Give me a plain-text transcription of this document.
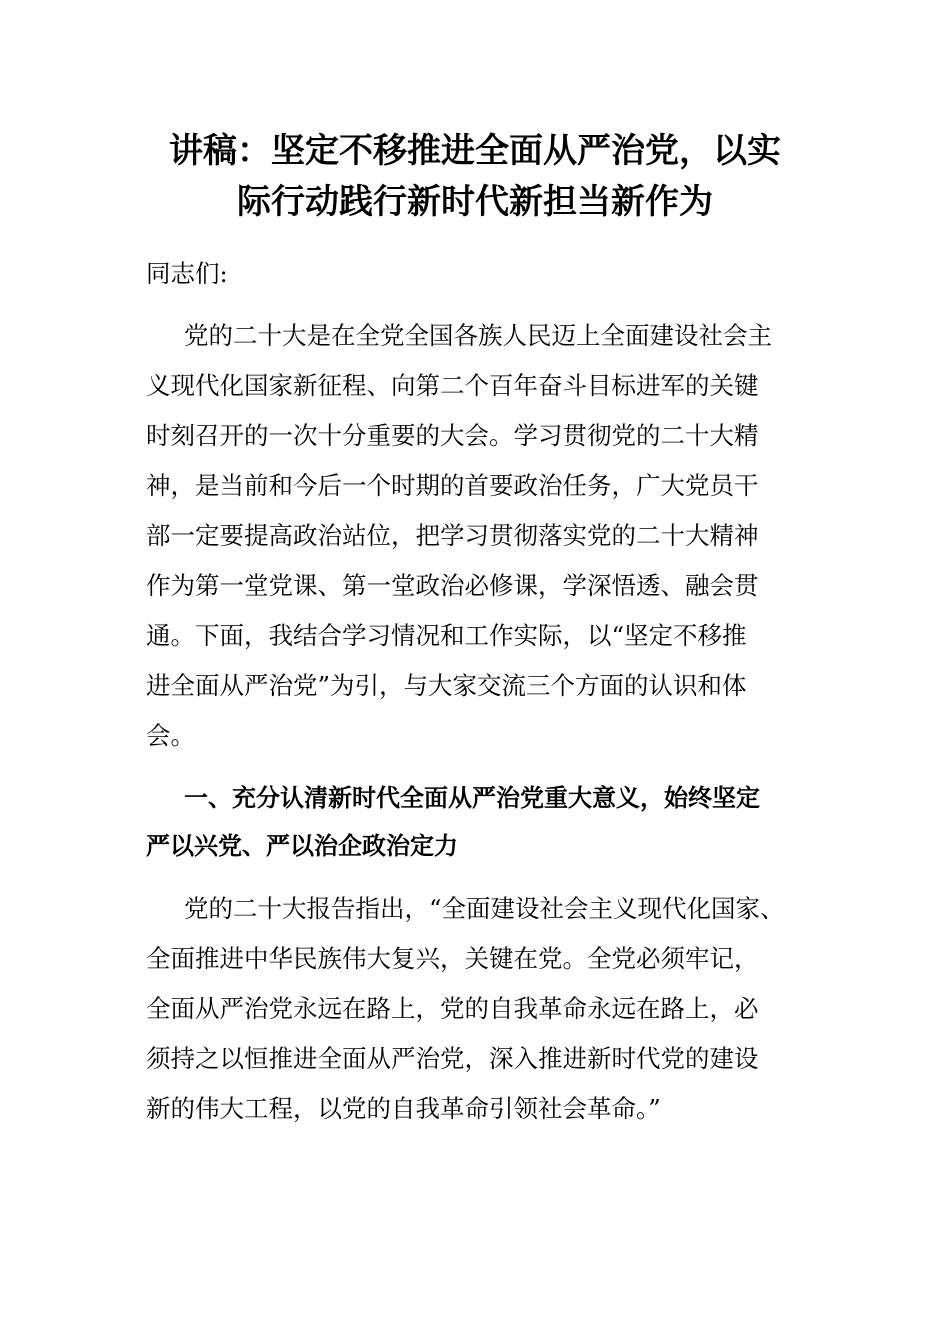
讲稿：坚定不移推进全面从严治党，以实
际行动践行新时代新担当新作为

同志们:

党的二十大是在全党全国各族人民迈上全面建设社会主

义现代化国家新征程、向第二个百年奋斗目标进军的关键

时刻召开的一次十分重要的大会。学习贯彻党的二十大精

神，是当前和今后一个时期的首要政治任务，广大党员干

部一定要提高政治站位，把学习贯彻落实党的二十大精神

作为第一堂党课、第一堂政治必修课，学深悟透、融会贯

通。下面，我结合学习情况和工作实际，以“坚定不移推

进全面从严治党”为引，与大家交流三个方面的认识和体

会。

一、充分认清新时代全面从严治党重大意义，始终坚定

严以兴党、严以治企政治定力

党的二十大报告指出，“全面建设社会主义现代化国家、

全面推进中华民族伟大复兴，关键在党。全党必须牢记，

全面从严治党永远在路上，党的自我革命永远在路上，必

须持之以恒推进全面从严治党，深入推进新时代党的建设

新的伟大工程，以党的自我革命引领社会革命。”
